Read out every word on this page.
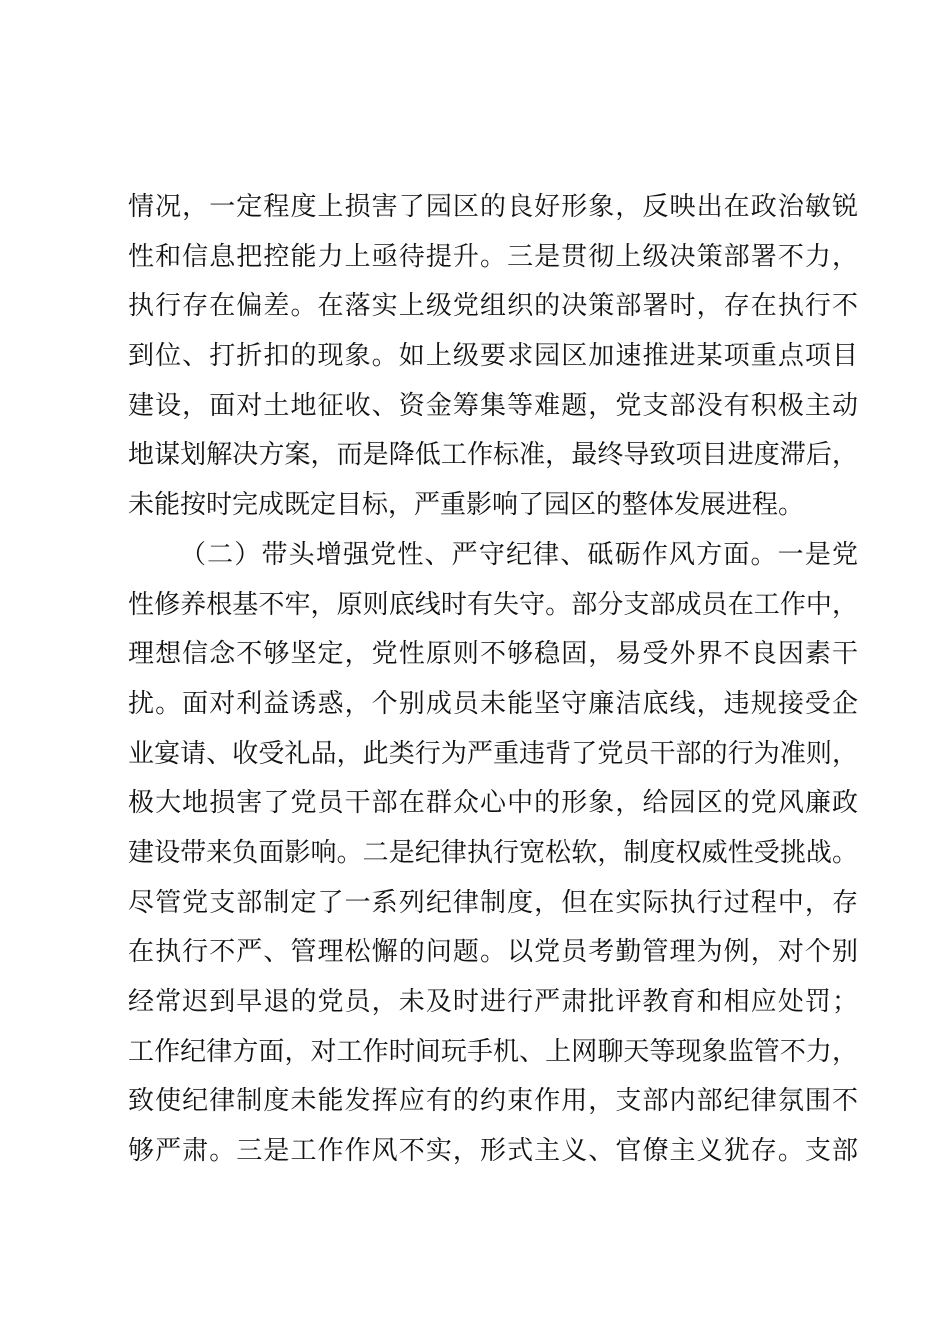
情况，一定程度上损害了园区的良好形象，反映出在政治敏锐
性和信息把控能力上亟待提升。三是贯彻上级决策部署不力，
执行存在偏差。在落实上级党组织的决策部署时，存在执行不
到位、打折扣的现象。如上级要求园区加速推进某项重点项目
建设，面对土地征收、资金筹集等难题，党支部没有积极主动
地谋划解决方案，而是降低工作标准，最终导致项目进度滞后，
未能按时完成既定目标，严重影响了园区的整体发展进程。
（二）带头增强党性、严守纪律、砥砺作风方面。一是党
性修养根基不牢，原则底线时有失守。部分支部成员在工作中，
理想信念不够坚定，党性原则不够稳固，易受外界不良因素干
扰。面对利益诱惑，个别成员未能坚守廉洁底线，违规接受企
业宴请、收受礼品，此类行为严重违背了党员干部的行为准则，
极大地损害了党员干部在群众心中的形象，给园区的党风廉政
建设带来负面影响。二是纪律执行宽松软，制度权威性受挑战。
尽管党支部制定了一系列纪律制度，但在实际执行过程中，存
在执行不严、管理松懈的问题。以党员考勤管理为例，对个别
经常迟到早退的党员，未及时进行严肃批评教育和相应处罚；
工作纪律方面，对工作时间玩手机、上网聊天等现象监管不力，
致使纪律制度未能发挥应有的约束作用，支部内部纪律氛围不
够严肃。三是工作作风不实，形式主义、官僚主义犹存。支部
